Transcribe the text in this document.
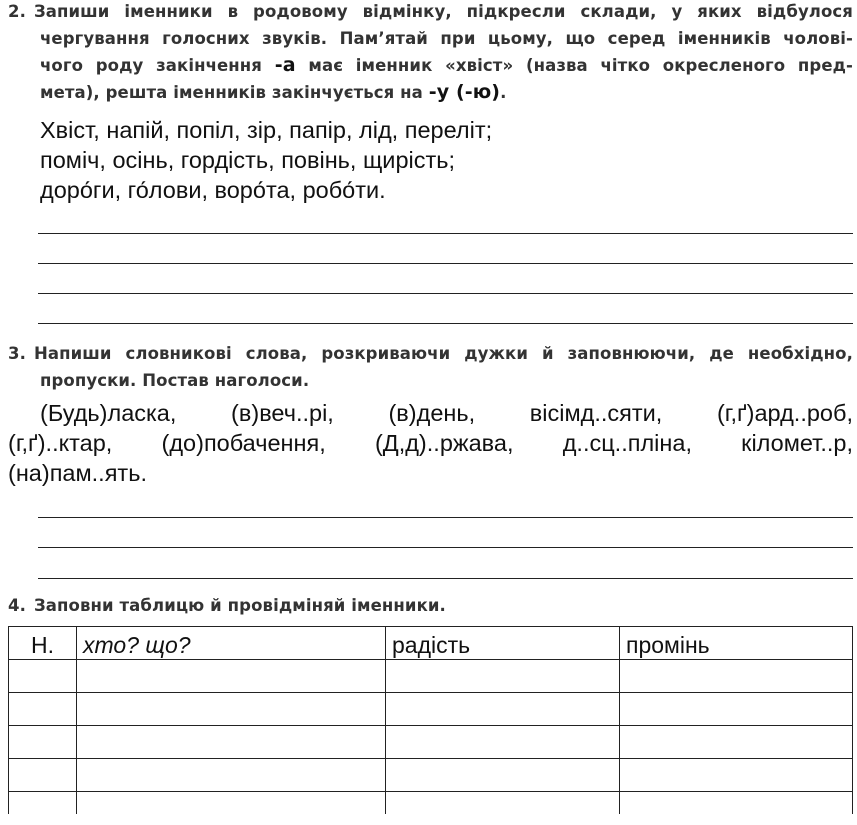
2. Запиши іменники в родовому відмінку, підкресли склади, у яких відбулося
чергування голосних звуків. Пам’ятай при цьому, що серед іменників чолові-
чого роду закінчення -а має іменник «хвіст» (назва чітко окресленого пред-
мета), решта іменників закінчується на -у (-ю).
Хвіст, напій, попіл, зір, папір, лід, переліт;
поміч, осінь, гордість, повінь, щирість;
доро́ги, го́лови, воро́та, робо́ти.
3. Напиши словникові слова, розкриваючи дужки й заповнюючи, де необхідно,
пропуски. Постав наголоси.
(Будь)ласка, (в)веч..рі, (в)день, вісімд..сяти, (г,ґ)ард..роб,
(г,ґ)..ктар, (до)побачення, (Д,д)..ржава, д..сц..пліна, кіломет..р,
(на)пам..ять.
4. Заповни таблицю й провідміняй іменники.
Н.	хто? що?	радість	промінь
